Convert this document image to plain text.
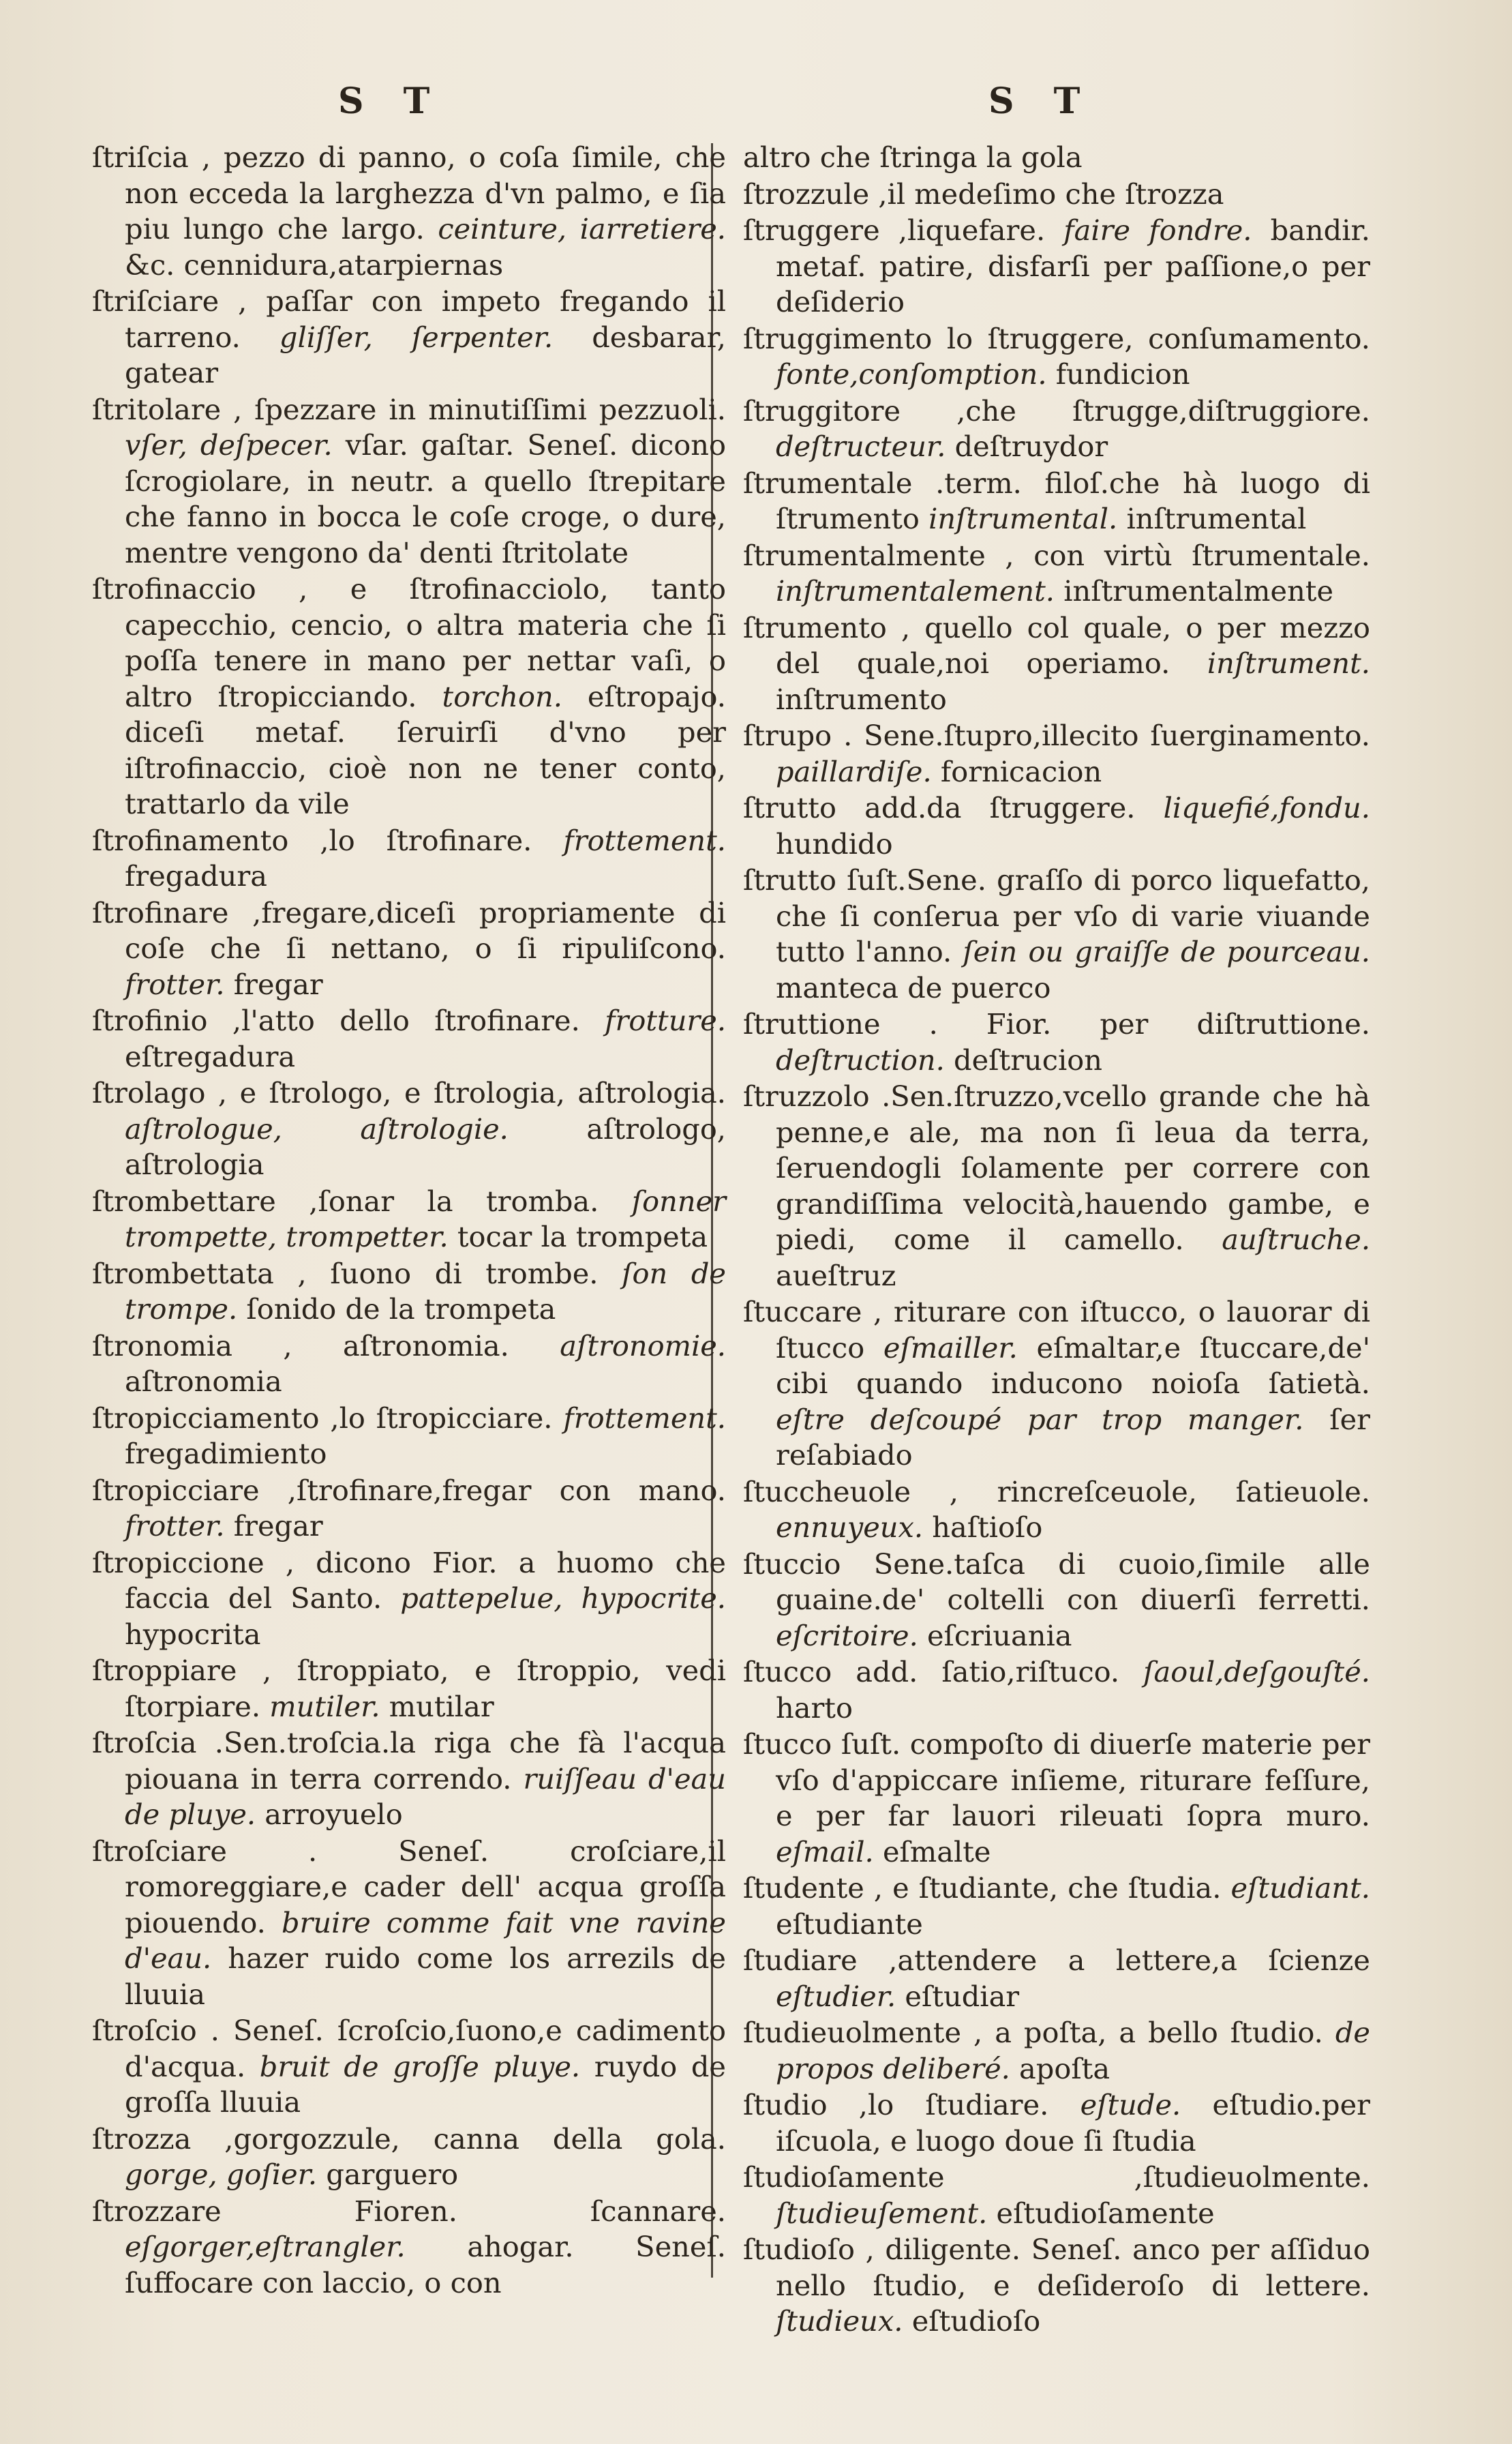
S T	S T
ſtriſcia , pezzo di panno, o coſa ſimile, che non ecceda la larghezza d'vn palmo, e ſia piu lungo che largo. ceinture, iarretiere. &c. cennidura,atarpiernas
ſtriſciare , paſſar con impeto fregando il tarreno. gliſſer, ſerpenter. desbarar, gatear
ſtritolare , ſpezzare in minutiſſimi pezzuoli. vſer, deſpecer. vſar. gaſtar. Seneſ. dicono ſcrogiolare, in neutr. a quello ſtrepitare che fanno in bocca le coſe croge, o dure, mentre vengono da' denti ſtritolate
ſtrofinaccio , e ſtrofinacciolo, tanto capecchio, cencio, o altra materia che ſi poſſa tenere in mano per nettar vaſi, o altro ſtropicciando. torchon. eſtropajo. diceſi metaf. ſeruirſi d'vno per iſtrofinaccio, cioè non ne tener conto, trattarlo da vile
ſtrofinamento ,lo ſtrofinare. frottement. fregadura
ſtrofinare ,fregare,diceſi propriamente di coſe che ſi nettano, o ſi ripuliſcono. frotter. fregar
ſtrofinio ,l'atto dello ſtrofinare. frotture. eſtregadura
ſtrolago , e ſtrologo, e ſtrologia, aſtrologia. aſtrologue, aſtrologie.	aſtrologo, aſtrologia
ſtrombettare ,ſonar la tromba. ſonner trompette, trompetter. tocar la trompeta
ſtrombettata , ſuono di trombe. ſon de trompe. ſonido de la trompeta
ſtronomia , aſtronomia. aſtronomie. aſtronomia
ſtropicciamento ,lo ſtropicciare. frottement. fregadimiento
ſtropicciare ,ſtrofinare,fregar con mano. frotter. fregar
ſtropiccione , dicono Fior. a huomo che faccia del Santo. pattepelue, hypocrite. hypocrita
ſtroppiare , ſtroppiato, e ſtroppio, vedi ſtorpiare. mutiler. mutilar
ſtroſcia .Sen.troſcia.la riga che fà l'acqua piouana in terra correndo. ruiſſeau d'eau de pluye. arroyuelo
ſtroſciare	. Seneſ. croſciare,il romoreggiare,e cader dell' acqua groſſa piouendo. bruire comme fait vne ravine d'eau. hazer ruido come los arrezils de lluuia
ſtroſcio . Seneſ. ſcroſcio,ſuono,e cadimento d'acqua. bruit de groſſe pluye. ruydo de groſſa lluuia
ſtrozza ,gorgozzule, canna della gola. gorge, goſier. garguero
ſtrozzare	Fioren. ſcannare. eſgorger,eſtrangler. ahogar. Seneſ. ſuffocare con laccio, o con
altro che ſtringa la gola
ſtrozzule ,il medeſimo che ſtrozza
ſtruggere ,liquefare. faire fondre. bandir. metaf. patire, disfarſi per paſſione,o per deſiderio
ſtruggimento lo ſtruggere, conſumamento. fonte,conſomption. fundicion
ſtruggitore ,che ſtrugge,diſtruggiore. deſtructeur. deſtruydor
ſtrumentale .term. filoſ.che hà luogo di ſtrumento inſtrumental. inſtrumental
ſtrumentalmente , con virtù ſtrumentale. inſtrumentalement. inſtrumentalmente
ſtrumento , quello col quale, o per mezzo del quale,noi operiamo. inſtrument. inſtrumento
ſtrupo . Sene.ſtupro,illecito ſuerginamento. paillardiſe. fornicacion
ſtrutto add.da ſtruggere. liquefié,fondu. hundido
ſtrutto ſuſt.Sene. graſſo di porco liquefatto, che ſi conſerua per vſo di varie viuande tutto l'anno. ſein ou graiſſe de pourceau. manteca de puerco
ſtruttione . Fior. per diſtruttione. deſtruction. deſtrucion
ſtruzzolo .Sen.ſtruzzo,vcello grande che hà penne,e ale, ma non ſi leua da terra, ſeruendogli ſolamente per correre con grandiſſima velocità,hauendo gambe, e piedi, come il camello. auſtruche. aueſtruz
ſtuccare , riturare con iſtucco, o lauorar di ſtucco eſmailler. eſmaltar,e ſtuccare,de' cibi quando inducono noioſa ſatietà. eſtre deſcoupé par trop manger. ſer reſabiado
ſtuccheuole , rincreſceuole, ſatieuole. ennuyeux. haſtioſo
ſtuccio Sene.taſca di cuoio,ſimile alle guaine.de' coltelli con diuerſi ferretti. eſcritoire. eſcriuania
ſtucco add. ſatio,riſtuco. ſaoul,deſgouſté. harto
ſtucco ſuſt. compoſto di diuerſe materie per vſo d'appiccare inſieme, riturare feſſure, e per far lauori rileuati ſopra muro. eſmail. eſmalte
ſtudente , e ſtudiante, che ſtudia. eſtudiant. eſtudiante
ſtudiare ,attendere a lettere,a ſcienze eſtudier. eſtudiar
ſtudieuolmente , a poſta, a bello ſtudio. de propos deliberé. apoſta
ſtudio ,lo ſtudiare. eſtude. eſtudio.per iſcuola, e luogo doue ſi ſtudia
ſtudioſamente	,ſtudieuolmente. ſtudieuſement. eſtudioſamente
ſtudioſo , diligente. Seneſ. anco per aſſiduo nello ſtudio, e deſideroſo di lettere. ſtudieux. eſtudioſo
